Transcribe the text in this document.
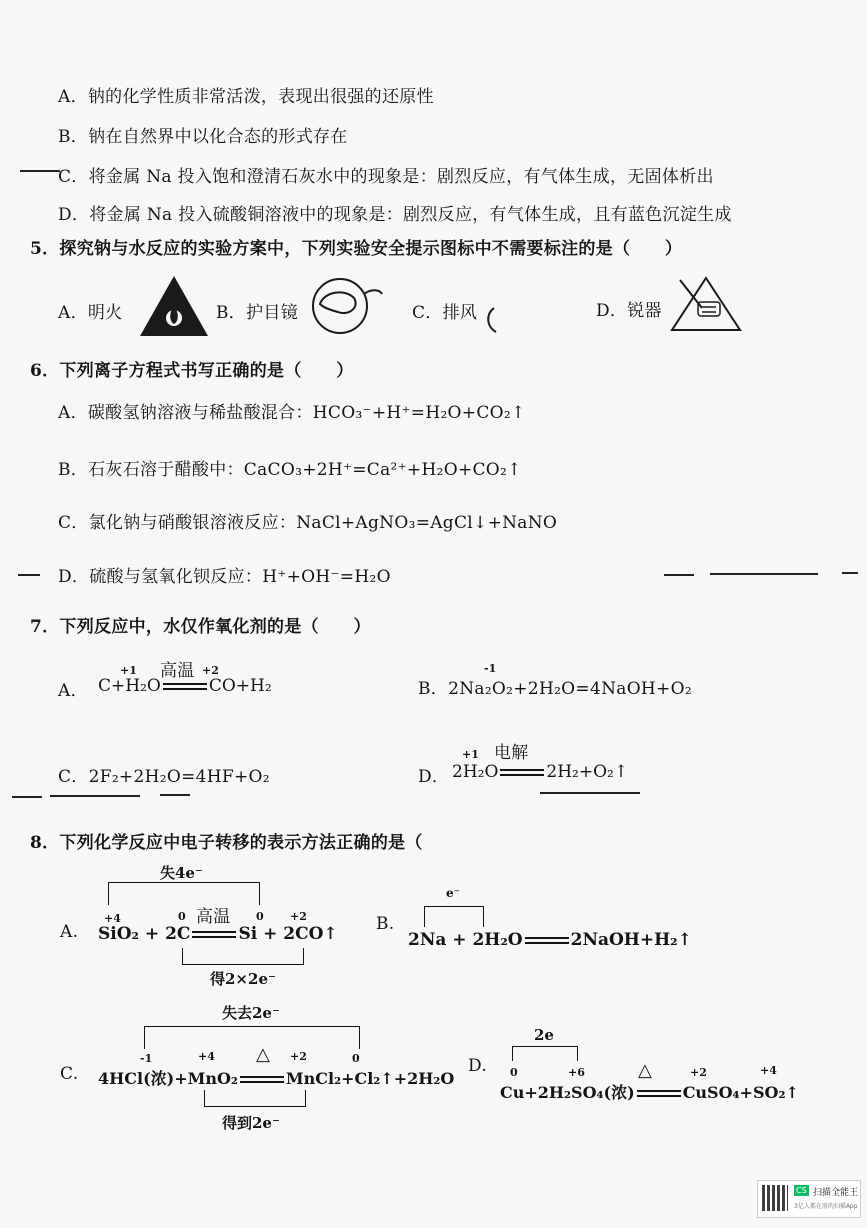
A．钠的化学性质非常活泼，表现出很强的还原性
B．钠在自然界中以化合态的形式存在
C．将金属 Na 投入饱和澄清石灰水中的现象是：剧烈反应，有气体生成，无固体析出
D．将金属 Na 投入硫酸铜溶液中的现象是：剧烈反应，有气体生成，且有蓝色沉淀生成
5．探究钠与水反应的实验方案中，下列实验安全提示图标中不需要标注的是（　　）
A．明火	B．护目镜	C．排风	D．锐器
6．下列离子方程式书写正确的是（　　）
A．碳酸氢钠溶液与稀盐酸混合：HCO₃⁻+H⁺=H₂O+CO₂↑
B．石灰石溶于醋酸中：CaCO₃+2H⁺=Ca²⁺+H₂O+CO₂↑
C．氯化钠与硝酸银溶液反应：NaCl+AgNO₃=AgCl↓+NaNO
D．硫酸与氢氧化钡反应：H⁺+OH⁻=H₂O
7．下列反应中，水仅作氧化剂的是（　　）
A．
+1	+2
C+H₂O	CO+H₂
高温
B．2Na₂O₂+2H₂O=4NaOH+O₂
-1
C．2F₂+2H₂O=4HF+O₂	D．
+1
2H₂O	2H₂+O₂↑
电解
8．下列化学反应中电子转移的表示方法正确的是（
A.
失4e⁻
+4	0	0 +2
高温
SiO₂ + 2C	Si + 2CO↑
得2×2e⁻
B.
e⁻
2Na + 2H₂O	2NaOH+H₂↑
C.
失去2e⁻
-1	+4	+2	0
△
4HCl(浓)+MnO₂	MnCl₂+Cl₂↑+2H₂O
得到2e⁻
D.
2e
0	+6	+2	+4
△
Cu+2H₂SO₄(浓)	CuSO₄+SO₂↑
CS 扫描全能王
3亿人都在用的扫描App
